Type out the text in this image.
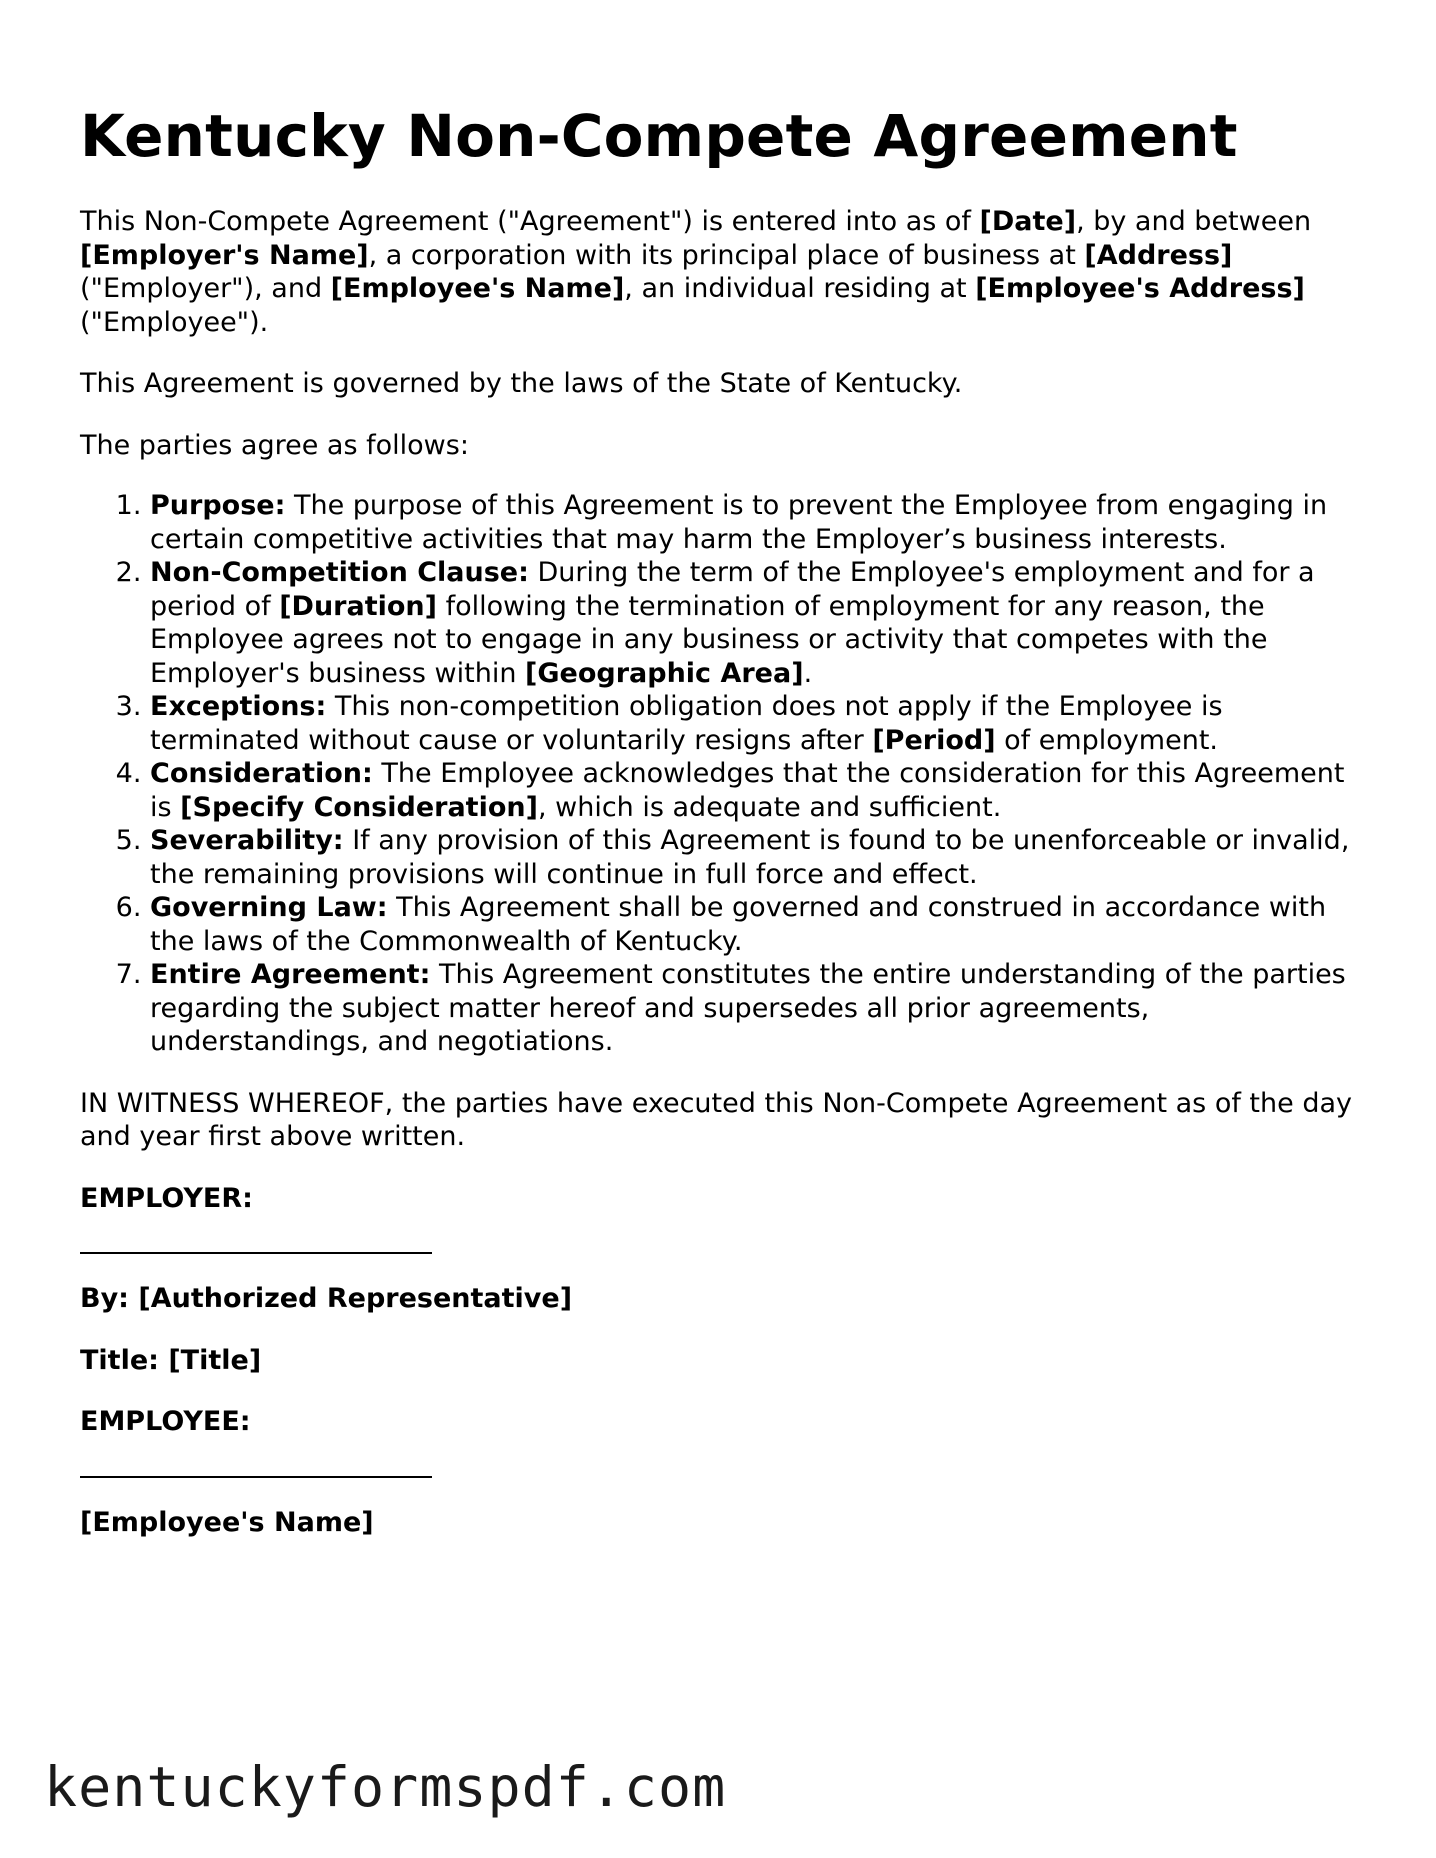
Kentucky Non-Compete Agreement

This Non-Compete Agreement ("Agreement") is entered into as of [Date], by and between [Employer's Name], a corporation with its principal place of business at [Address] ("Employer"), and [Employee's Name], an individual residing at [Employee's Address] ("Employee").

This Agreement is governed by the laws of the State of Kentucky.

The parties agree as follows:

1. Purpose: The purpose of this Agreement is to prevent the Employee from engaging in certain competitive activities that may harm the Employer’s business interests.
2. Non-Competition Clause: During the term of the Employee's employment and for a period of [Duration] following the termination of employment for any reason, the Employee agrees not to engage in any business or activity that competes with the Employer's business within [Geographic Area].
3. Exceptions: This non-competition obligation does not apply if the Employee is terminated without cause or voluntarily resigns after [Period] of employment.
4. Consideration: The Employee acknowledges that the consideration for this Agreement is [Specify Consideration], which is adequate and sufficient.
5. Severability: If any provision of this Agreement is found to be unenforceable or invalid, the remaining provisions will continue in full force and effect.
6. Governing Law: This Agreement shall be governed and construed in accordance with the laws of the Commonwealth of Kentucky.
7. Entire Agreement: This Agreement constitutes the entire understanding of the parties regarding the subject matter hereof and supersedes all prior agreements, understandings, and negotiations.

IN WITNESS WHEREOF, the parties have executed this Non-Compete Agreement as of the day and year first above written.

EMPLOYER:

By: [Authorized Representative]

Title: [Title]

EMPLOYEE:

[Employee's Name]

kentuckyformspdf.com
